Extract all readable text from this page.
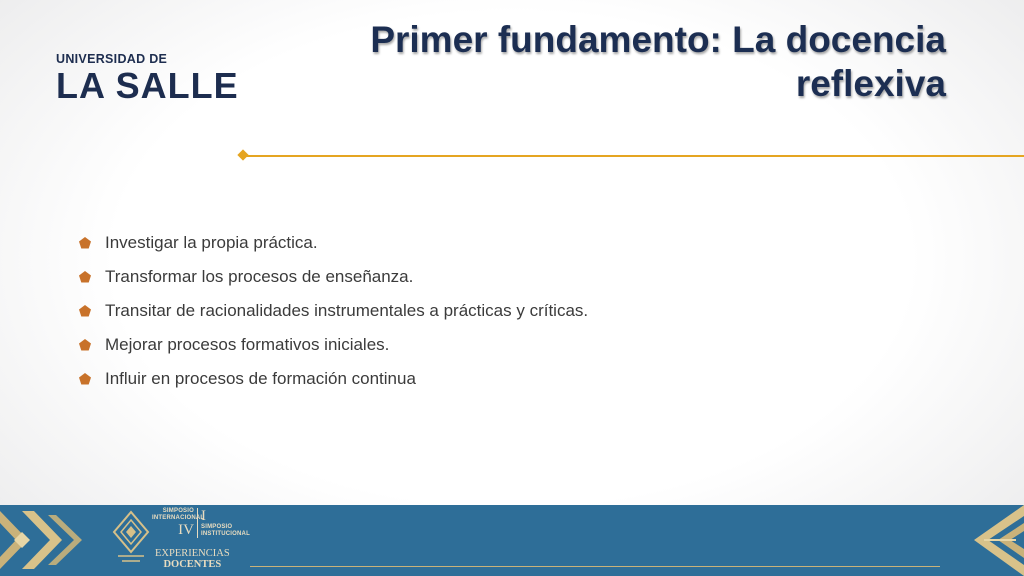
UNIVERSIDAD DE
LA SALLE
Primer fundamento: La docencia
reflexiva
Investigar la propia práctica.
Transformar los procesos de enseñanza.
Transitar de racionalidades instrumentales a prácticas y críticas.
Mejorar procesos formativos iniciales.
Influir en procesos de formación continua
SIMPOSIO INTERNACIONAL
IV
I
SIMPOSIO INSTITUCIONAL
EXPERIENCIAS
DOCENTES
